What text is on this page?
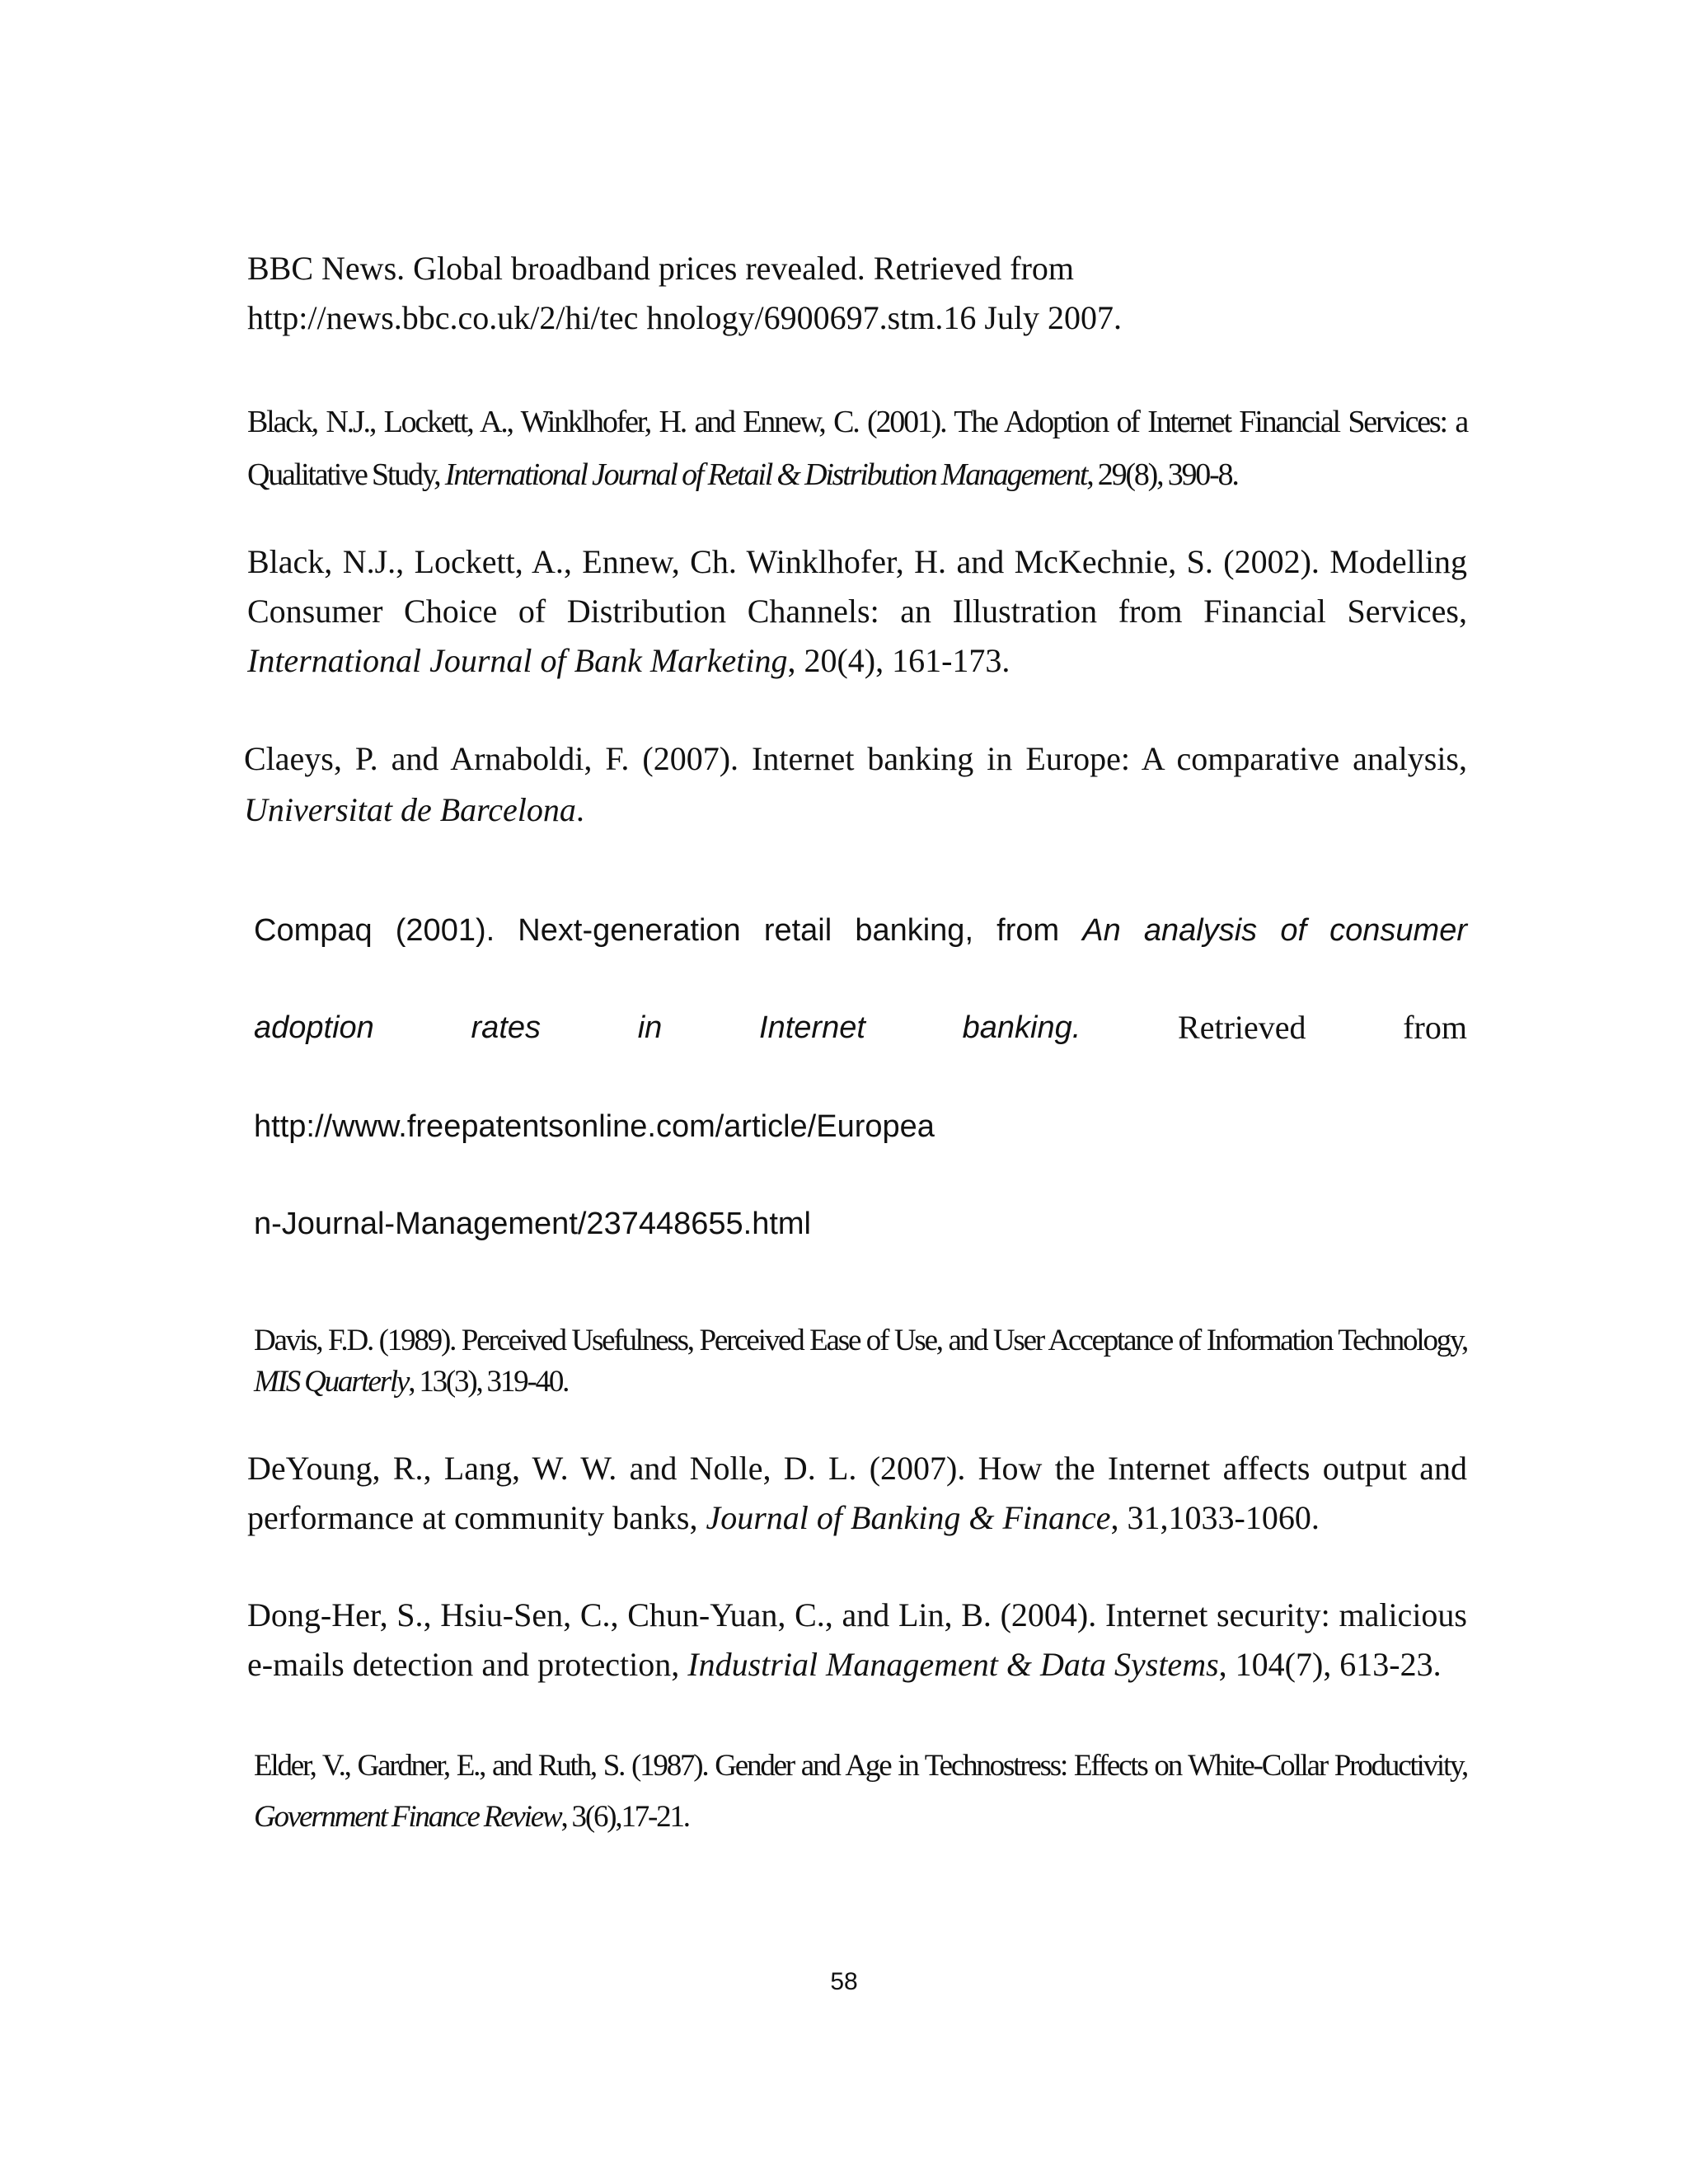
BBC News. Global broadband prices revealed. Retrieved from http://news.bbc.co.uk/2/hi/tec hnology/6900697.stm.16 July 2007.

Black, N.J., Lockett, A., Winklhofer, H. and Ennew, C. (2001). The Adoption of Internet Financial Services: a Qualitative Study, International Journal of Retail & Distribution Management, 29(8), 390-8.

Black, N.J., Lockett, A., Ennew, Ch. Winklhofer, H. and McKechnie, S. (2002). Modelling Consumer Choice of Distribution Channels: an Illustration from Financial Services, International Journal of Bank Marketing, 20(4), 161-173.

Claeys, P. and Arnaboldi, F. (2007). Internet banking in Europe: A comparative analysis, Universitat de Barcelona.

Compaq (2001). Next-generation retail banking, from An analysis of consumer

adoption	rates	in	Internet	banking.	Retrieved	from

http://www.freepatentsonline.com/article/Europea

n-Journal-Management/237448655.html

Davis, F.D. (1989). Perceived Usefulness, Perceived Ease of Use, and User Acceptance of Information Technology, MIS Quarterly, 13(3), 319-40.

DeYoung, R., Lang, W. W. and Nolle, D. L. (2007). How the Internet affects output and performance at community banks, Journal of Banking & Finance, 31,1033-1060.

Dong-Her, S., Hsiu-Sen, C., Chun-Yuan, C., and Lin, B. (2004). Internet security: malicious e-mails detection and protection, Industrial Management & Data Systems, 104(7), 613-23.

Elder, V., Gardner, E., and Ruth, S. (1987). Gender and Age in Technostress: Effects on White-Collar Productivity, Government Finance Review, 3(6),17-21.

58
